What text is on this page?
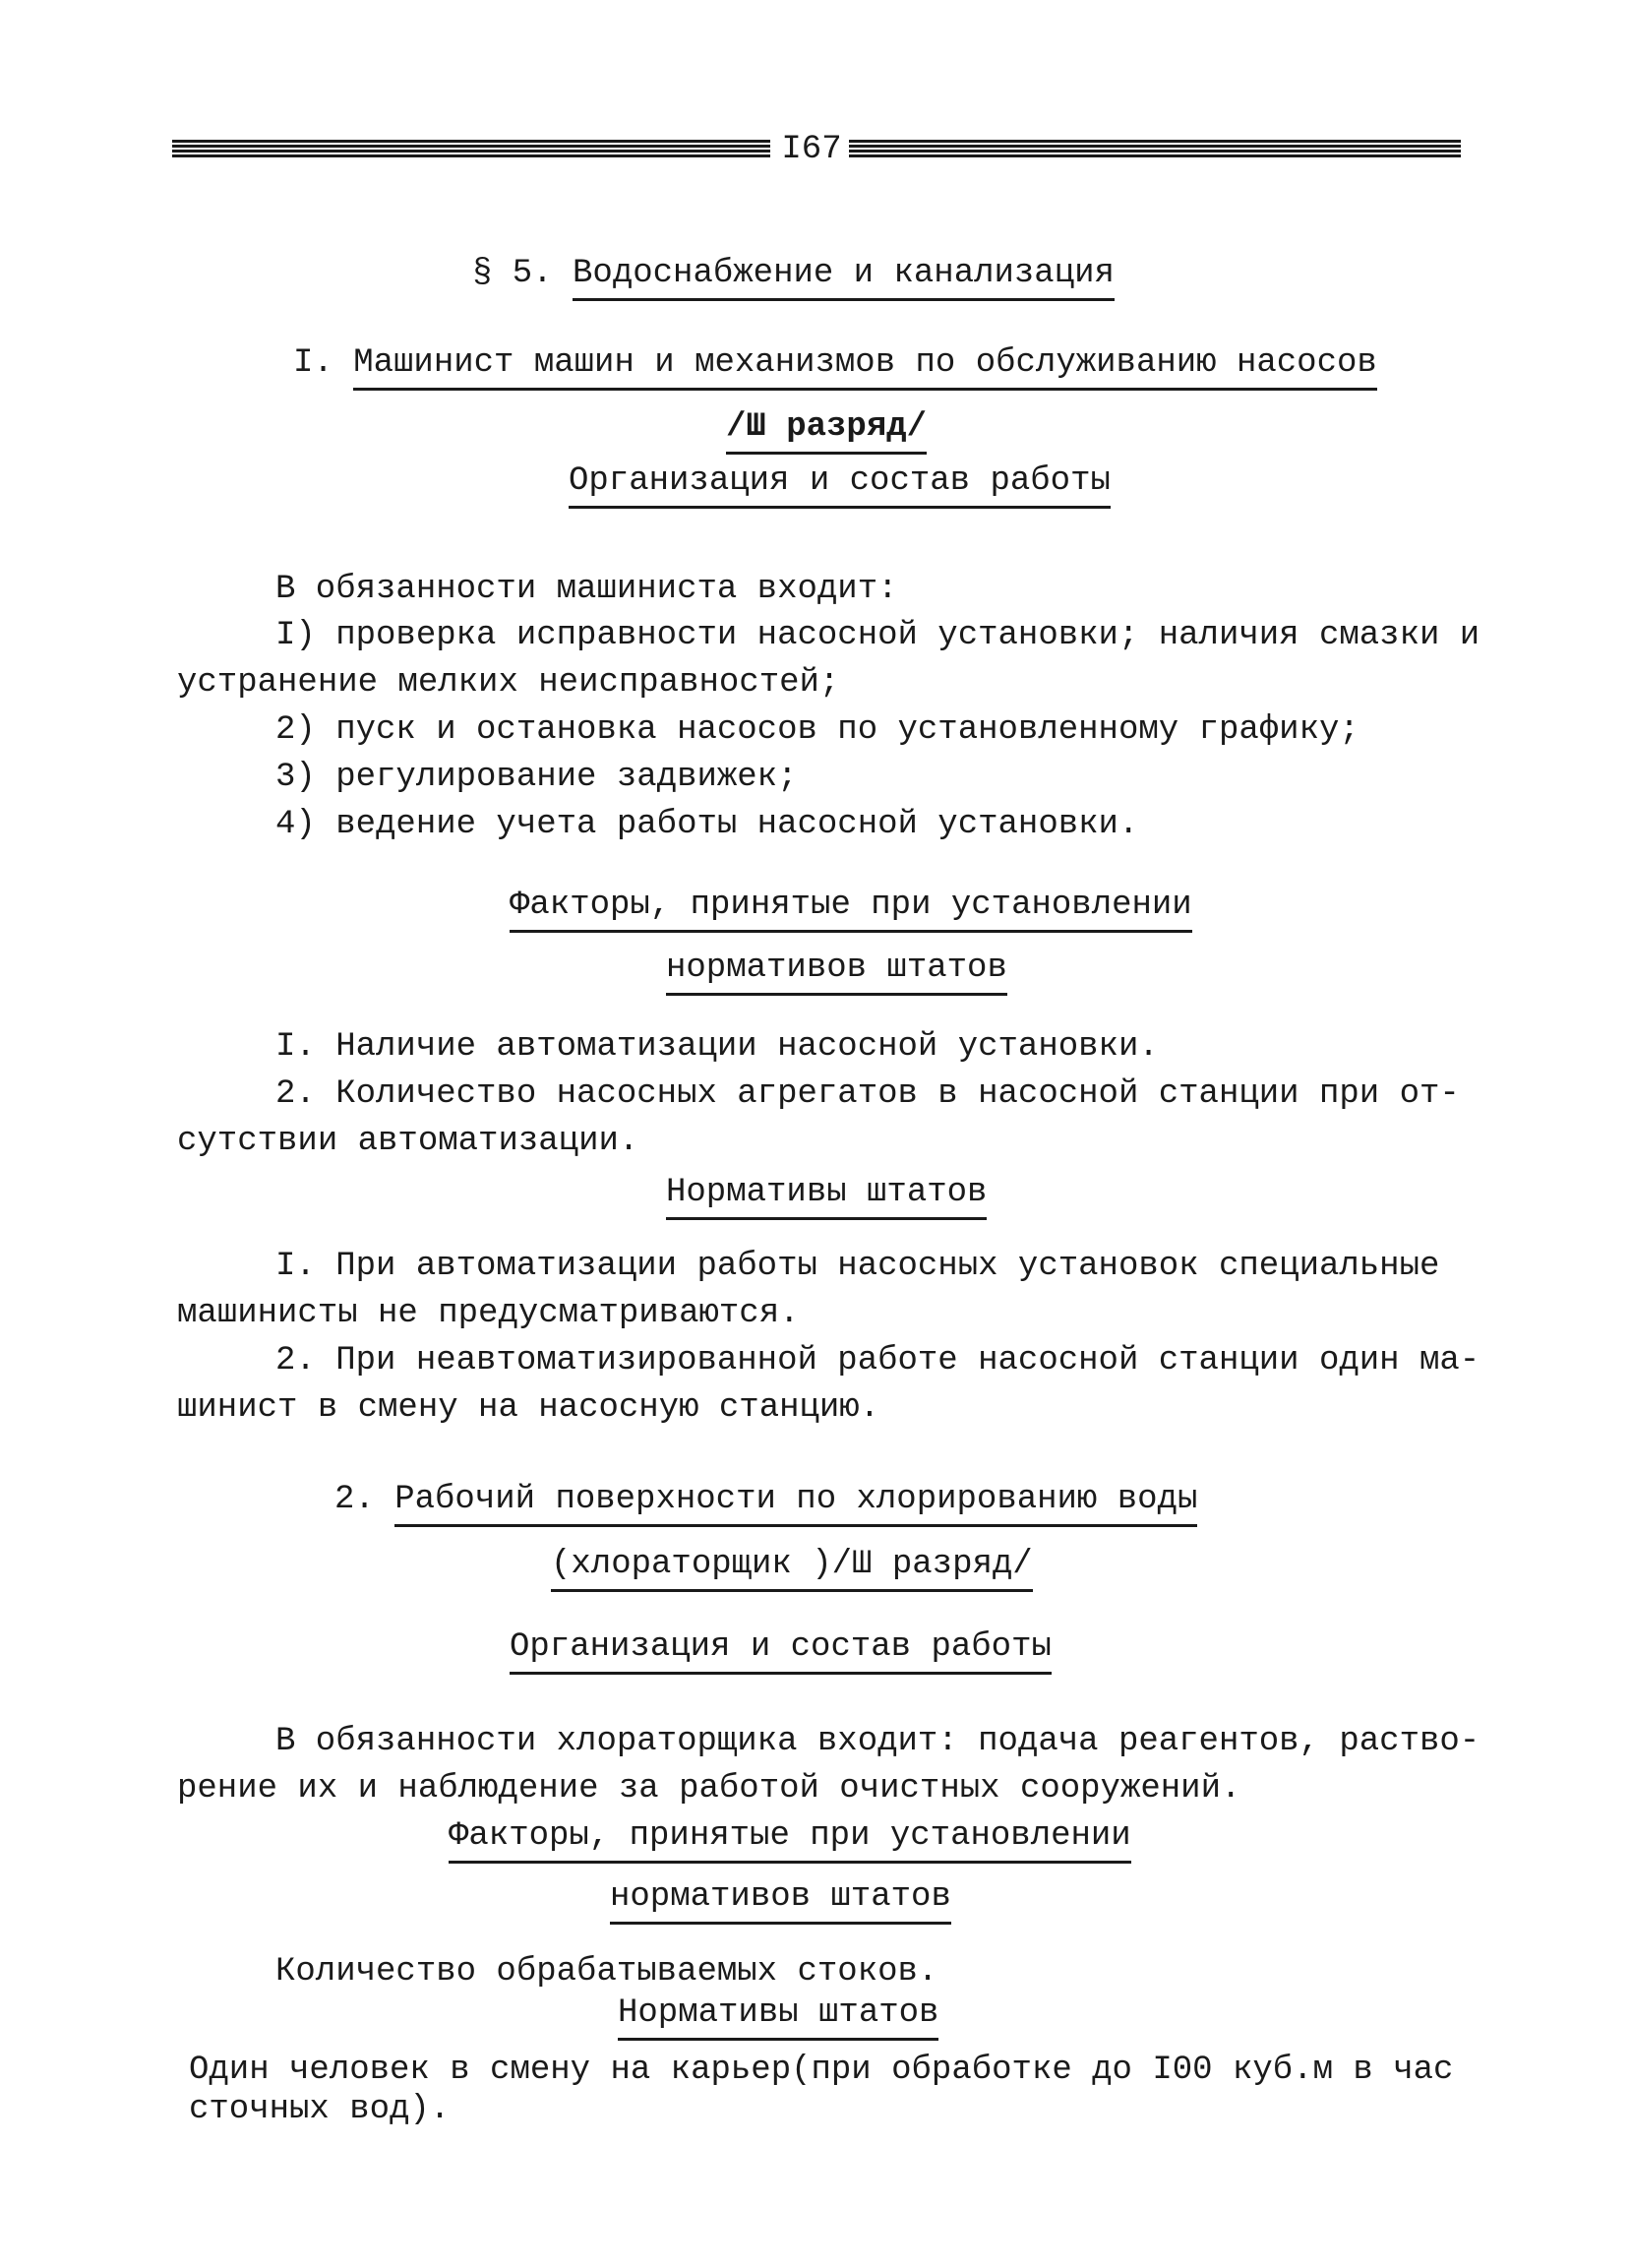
I67
§ 5. Водоснабжение и канализация
I. Машинист машин и механизмов по обслуживанию насосов
/Ш разряд/
Организация и состав работы
В обязанности машиниста входит:
I) проверка исправности насосной установки; наличия смазки и
устранение мелких неисправностей;
2) пуск и остановка насосов по установленному графику;
3) регулирование задвижек;
4) ведение учета работы насосной установки.
Факторы, принятые при установлении
нормативов штатов
I. Наличие автоматизации насосной установки.
2. Количество насосных агрегатов в насосной станции при от-
сутствии автоматизации.
Нормативы штатов
I. При автоматизации работы насосных установок специальные
машинисты не предусматриваются.
2. При неавтоматизированной работе насосной станции один ма-
шинист в смену на насосную станцию.
2. Рабочий поверхности по хлорированию воды
(хлораторщик )/Ш разряд/
Организация и состав работы
В обязанности хлораторщика входит: подача реагентов, раство-
рение их и наблюдение за работой очистных сооружений.
Факторы, принятые при установлении
нормативов штатов
Количество обрабатываемых стоков.
Нормативы штатов
Один человек в смену на карьер(при обработке до I00 куб.м в час
сточных вод).
